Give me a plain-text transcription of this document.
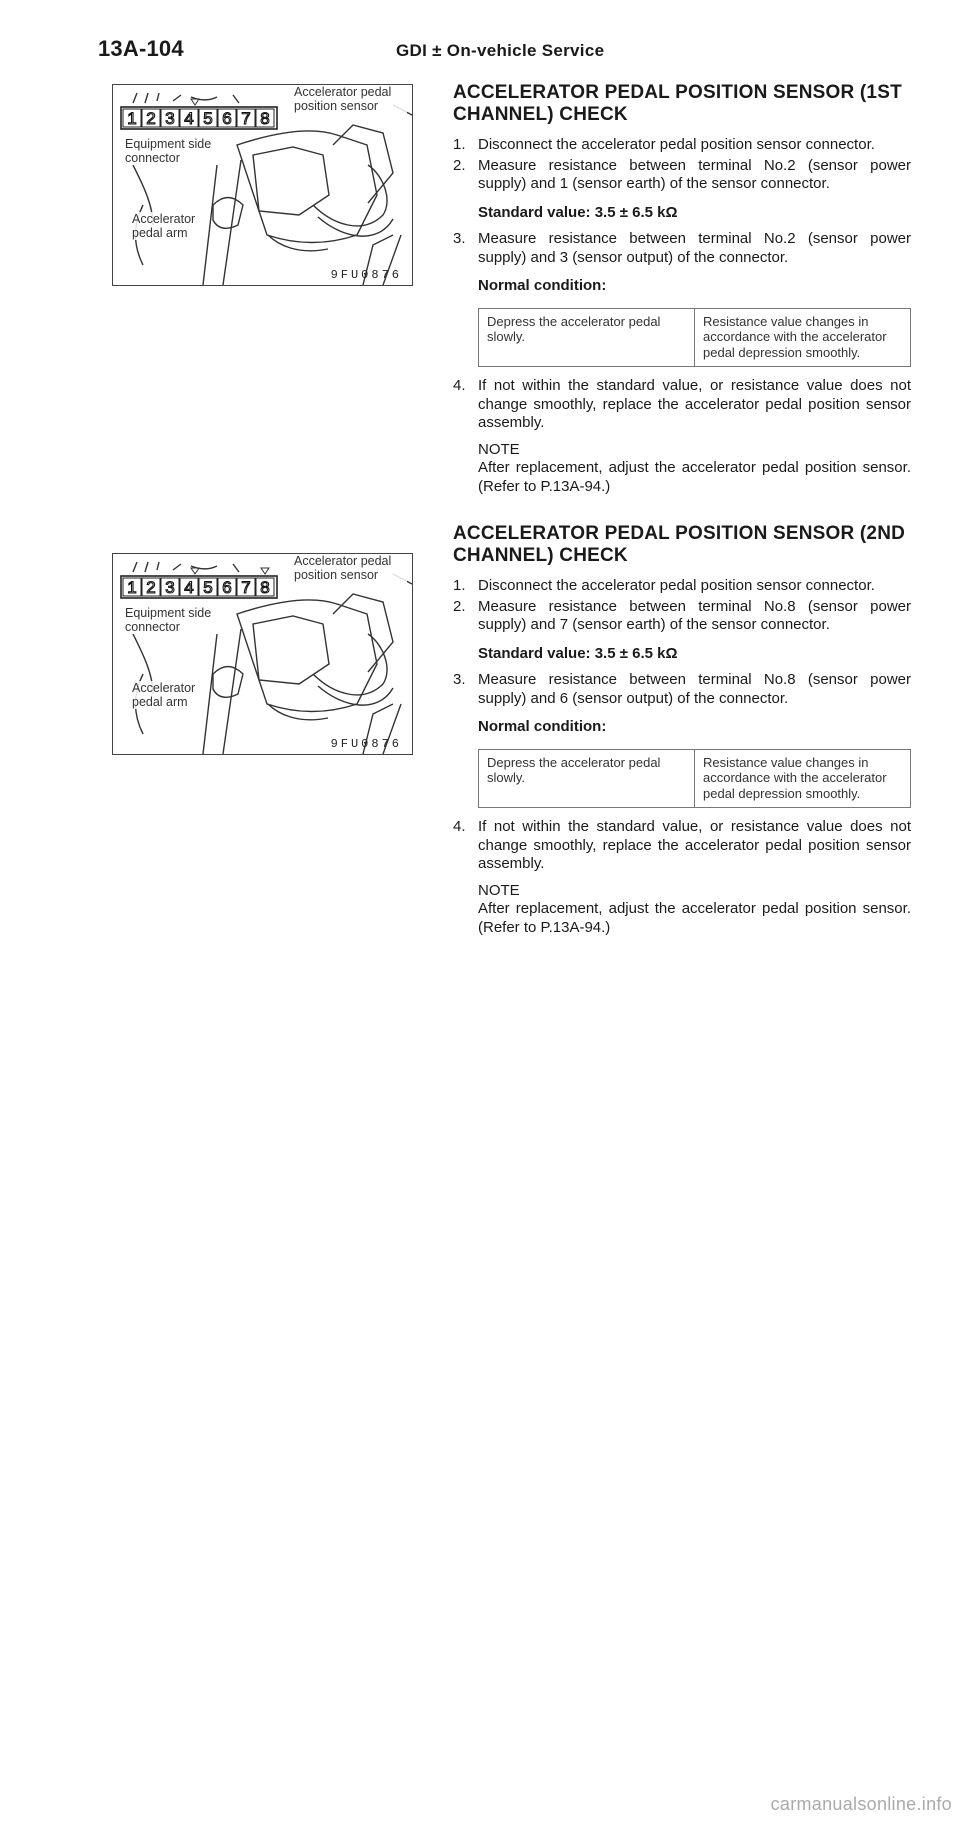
13A-104	GDI ± On-vehicle Service
1 2 3 4 5 6 7 8
Accelerator pedal position sensor
Equipment side connector
Accelerator pedal arm
9FU0876
1 2 3 4 5 6 7 8
Accelerator pedal position sensor
Equipment side connector
Accelerator pedal arm
9FU0876
ACCELERATOR PEDAL POSITION SENSOR (1ST CHANNEL) CHECK
1. Disconnect the accelerator pedal position sensor connector.
2. Measure resistance between terminal No.2 (sensor power supply) and 1 (sensor earth) of the sensor connector.
Standard value: 3.5 ± 6.5 kΩ
3. Measure resistance between terminal No.2 (sensor power supply) and 3 (sensor output) of the connector.
Normal condition:
Depress the accelerator pedal slowly.	Resistance value changes in accordance with the accelerator pedal depression smoothly.
4. If not within the standard value, or resistance value does not change smoothly, replace the accelerator pedal position sensor assembly.
NOTE
After replacement, adjust the accelerator pedal position sensor. (Refer to P.13A-94.)
ACCELERATOR PEDAL POSITION SENSOR (2ND CHANNEL) CHECK
1. Disconnect the accelerator pedal position sensor connector.
2. Measure resistance between terminal No.8 (sensor power supply) and 7 (sensor earth) of the sensor connector.
Standard value: 3.5 ± 6.5 kΩ
3. Measure resistance between terminal No.8 (sensor power supply) and 6 (sensor output) of the connector.
Normal condition:
Depress the accelerator pedal slowly.	Resistance value changes in accordance with the accelerator pedal depression smoothly.
4. If not within the standard value, or resistance value does not change smoothly, replace the accelerator pedal position sensor assembly.
NOTE
After replacement, adjust the accelerator pedal position sensor. (Refer to P.13A-94.)
carmanualsonline.info
